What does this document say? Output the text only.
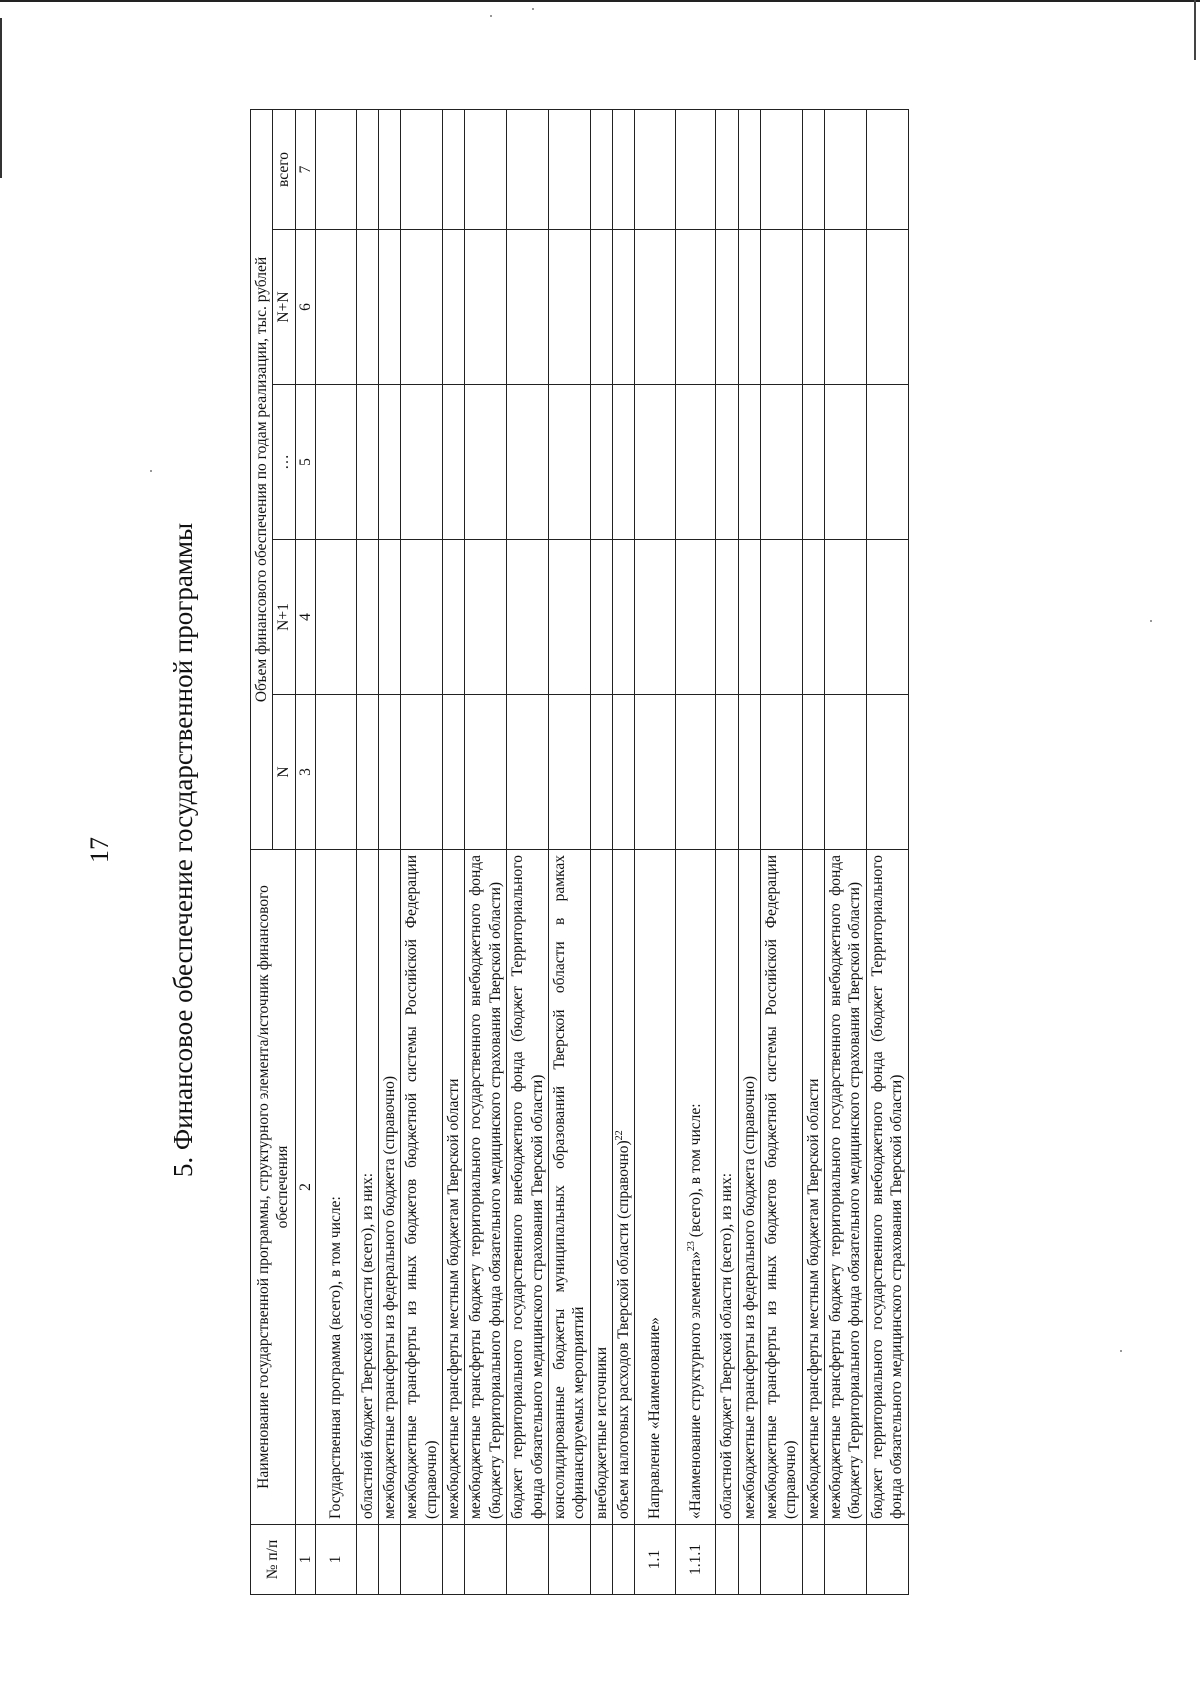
17 5. Финансовое обеспечение государственной программы
№ п/п	Наименование государственной программы, структурного элемента/источник финансового обеспечения	Объем финансового обеспечения по годам реализации, тыс. рублей				
		N	N+1	…	N+N	всего
1	2	3	4	5	6	7
1	Государственная программа (всего), в том числе:					
	областной бюджет Тверской области (всего), из них:					
	межбюджетные трансферты из федерального бюджета (справочно)					
	межбюджетные трансферты из иных бюджетов бюджетной системы Российской Федерации (справочно)					
	межбюджетные трансферты местным бюджетам Тверской области					
	межбюджетные трансферты бюджету территориального государственного внебюджетного фонда (бюджету Территориального фонда обязательного медицинского страхования Тверской области)					
	бюджет территориального государственного внебюджетного фонда (бюджет Территориального фонда обязательного медицинского страхования Тверской области)					
	консолидированные бюджеты муниципальных образований Тверской области в рамках софинансируемых мероприятий					
	внебюджетные источники					
	объем налоговых расходов Тверской области (справочно)$^{22}$					
1.1	Направление «Наименование»					
1.1.1	«Наименование структурного элемента»$^{23}$ (всего), в том числе:					
	областной бюджет Тверской области (всего), из них:					
	межбюджетные трансферты из федерального бюджета (справочно)					
	межбюджетные трансферты из иных бюджетов бюджетной системы Российской Федерации (справочно)					
	межбюджетные трансферты местным бюджетам Тверской области					
	межбюджетные трансферты бюджету территориального государственного внебюджетного фонда (бюджету Территориального фонда обязательного медицинского страхования Тверской области)					
	бюджет территориального государственного внебюджетного фонда (бюджет Территориального фонда обязательного медицинского страхования Тверской области)					
